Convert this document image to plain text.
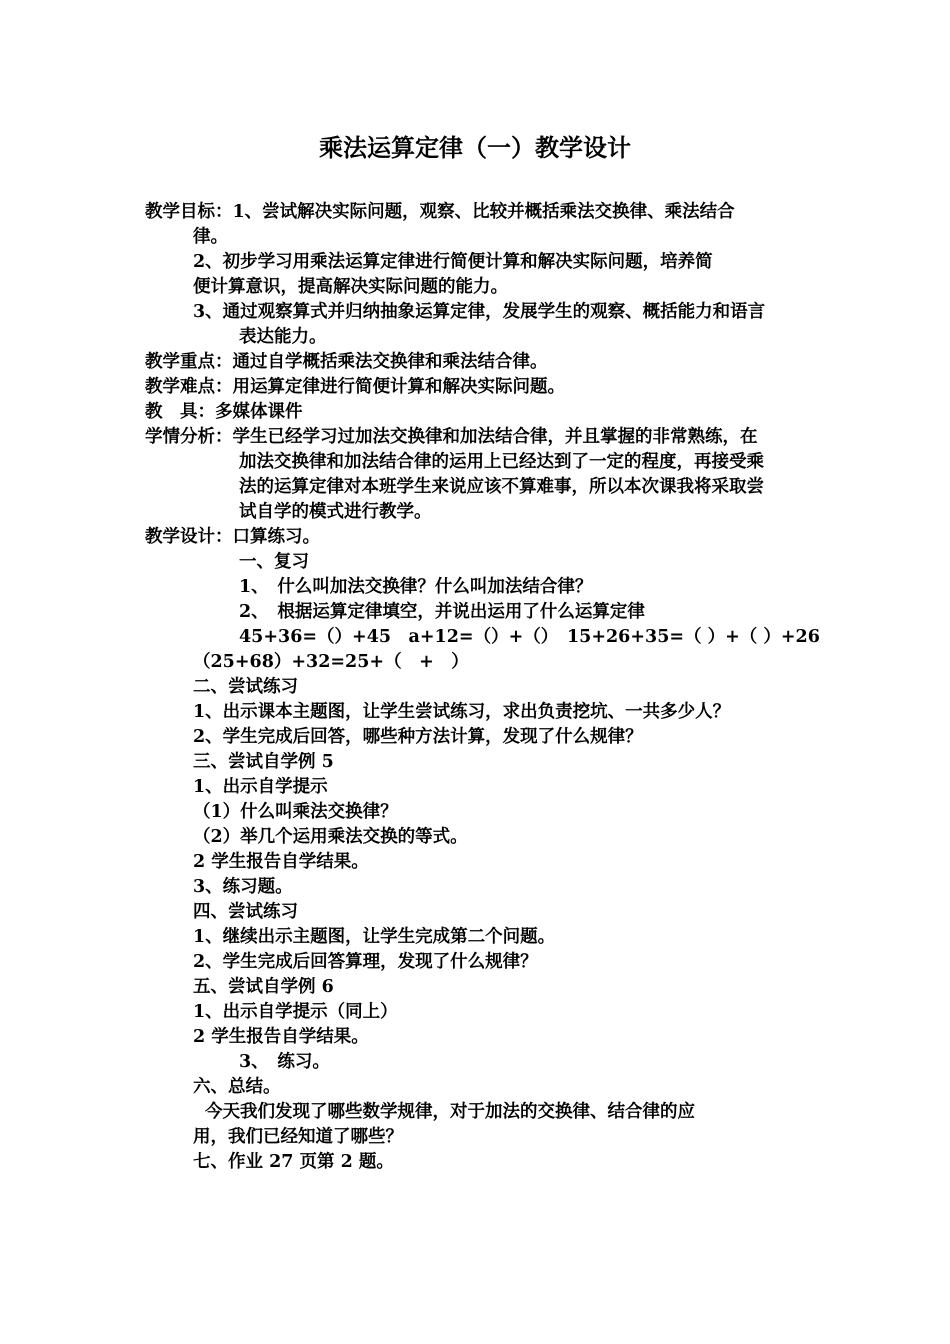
乘法运算定律（一）教学设计

教学目标：1、尝试解决实际问题，观察、比较并概括乘法交换律、乘法结合

律。

2、初步学习用乘法运算定律进行简便计算和解决实际问题，培养简

便计算意识，提高解决实际问题的能力。

3、通过观察算式并归纳抽象运算定律，发展学生的观察、概括能力和语言

表达能力。

教学重点：通过自学概括乘法交换律和乘法结合律。

教学难点：用运算定律进行简便计算和解决实际问题。

教　具：多媒体课件

学情分析：学生已经学习过加法交换律和加法结合律，并且掌握的非常熟练，在

加法交换律和加法结合律的运用上已经达到了一定的程度，再接受乘

法的运算定律对本班学生来说应该不算难事，所以本次课我将采取尝

试自学的模式进行教学。

教学设计：口算练习。

一、复习

1、　什么叫加法交换律？什么叫加法结合律？

2、　根据运算定律填空，并说出运用了什么运算定律

45+36=（）+45　a+12=（）+（）　15+26+35=（ ）+（ ）+26

（25+68）+32=25+（　+　）

二、尝试练习

1、出示课本主题图，让学生尝试练习，求出负责挖坑、一共多少人？

2、学生完成后回答，哪些种方法计算，发现了什么规律？

三、尝试自学例 5

1、出示自学提示

（1）什么叫乘法交换律？

（2）举几个运用乘法交换的等式。

2 学生报告自学结果。

3、练习题。

四、尝试练习

1、继续出示主题图，让学生完成第二个问题。

2、学生完成后回答算理，发现了什么规律？

五、尝试自学例 6

1、出示自学提示（同上）

2 学生报告自学结果。

3、　练习。

六、总结。

今天我们发现了哪些数学规律，对于加法的交换律、结合律的应

用，我们已经知道了哪些？

七、作业 27 页第 2 题。
